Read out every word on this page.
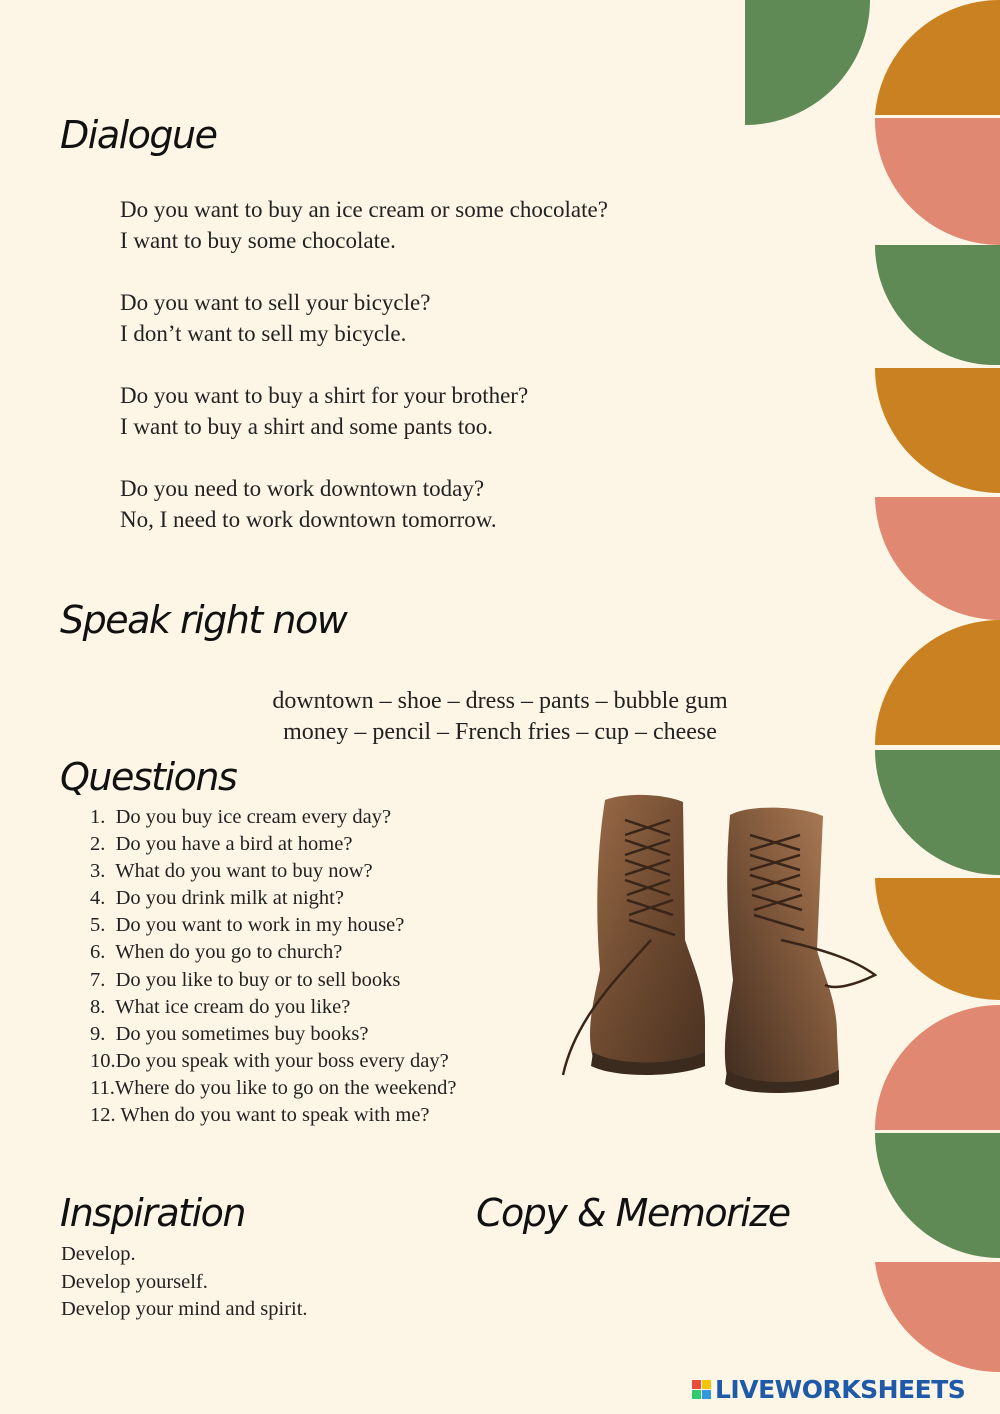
Dialogue
Do you want to buy an ice cream or some chocolate?
I want to buy some chocolate.
Do you want to sell your bicycle?
I don’t want to sell my bicycle.
Do you want to buy a shirt for your brother?
I want to buy a shirt and some pants too.
Do you need to work downtown today?
No, I need to work downtown tomorrow.
Speak right now
downtown – shoe – dress – pants – bubble gum
money – pencil – French fries – cup – cheese
Questions
1. Do you buy ice cream every day?
2. Do you have a bird at home?
3. What do you want to buy now?
4. Do you drink milk at night?
5. Do you want to work in my house?
6. When do you go to church?
7. Do you like to buy or to sell books
8. What ice cream do you like?
9. Do you sometimes buy books?
10.Do you speak with your boss every day?
11.Where do you like to go on the weekend?
12. When do you want to speak with me?
Inspiration	Copy & Memorize
Develop.
Develop yourself.
Develop your mind and spirit.
LIVEWORKSHEETS
